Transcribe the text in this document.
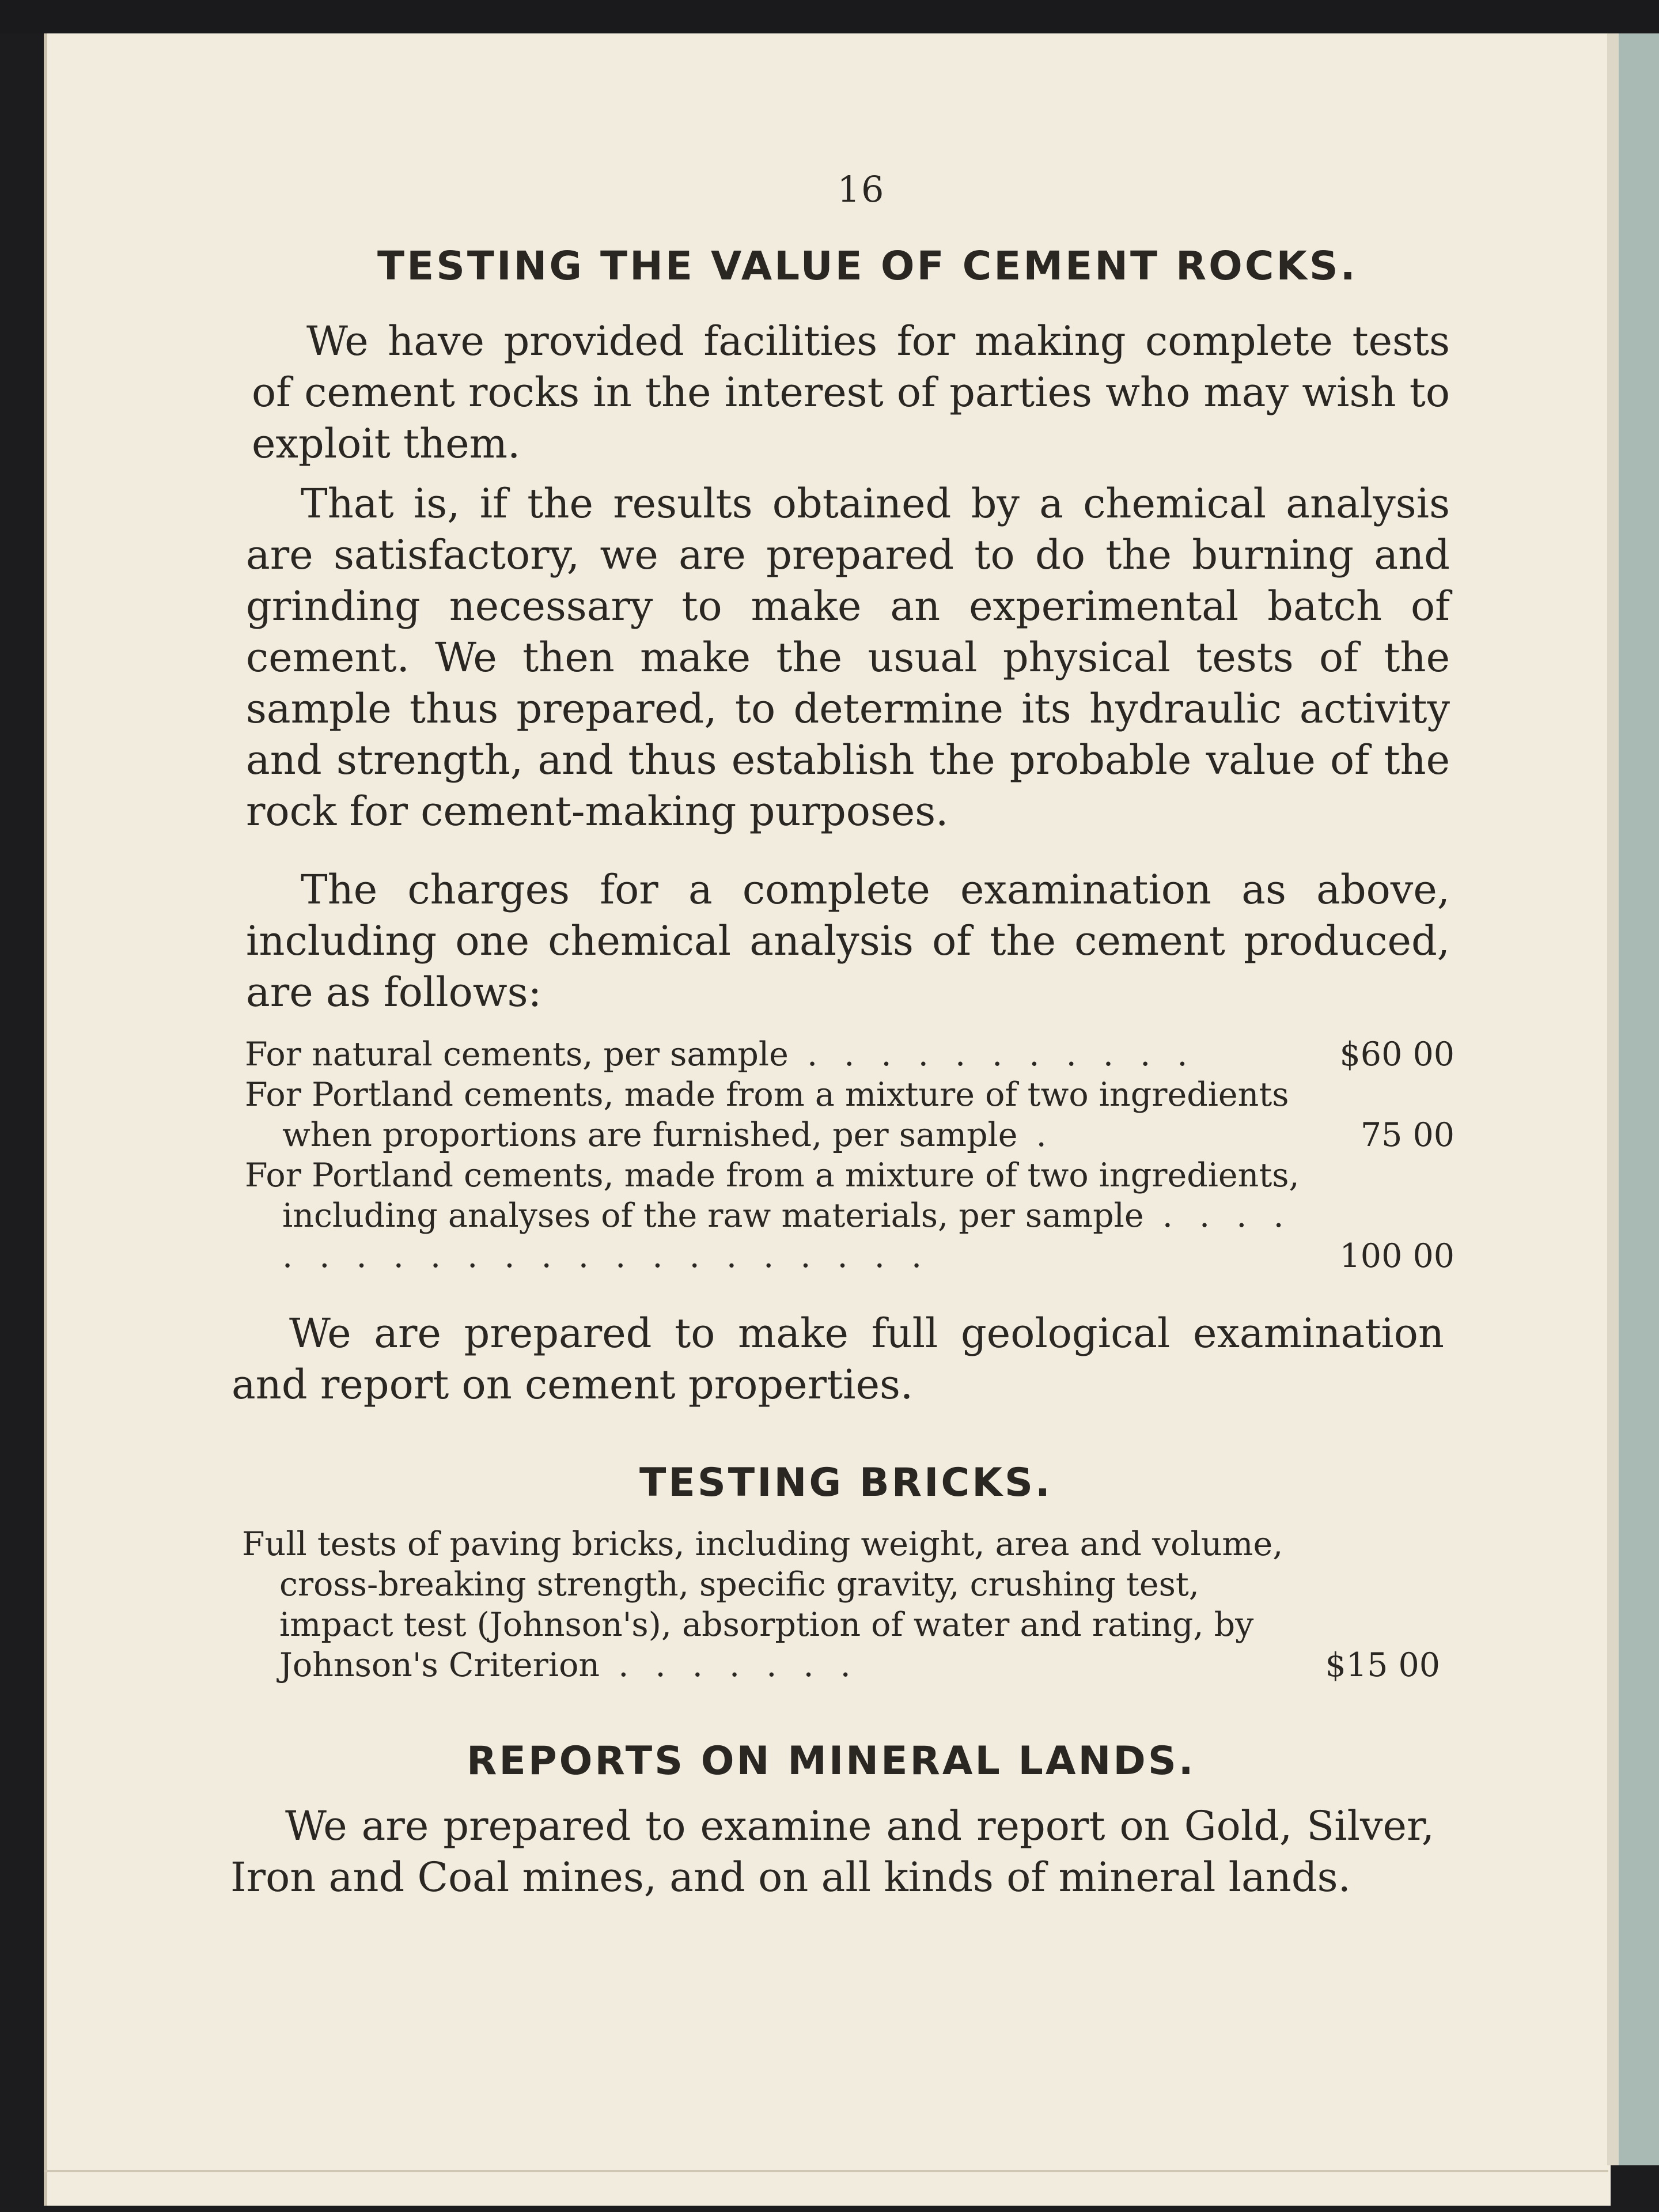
16
TESTING THE VALUE OF CEMENT ROCKS.
We have provided facilities for making complete tests of cement rocks in the interest of parties who may wish to exploit them.
That is, if the results obtained by a chemical analysis are satisfactory, we are prepared to do the burning and grinding necessary to make an experimental batch of cement. We then make the usual physical tests of the sample thus prepared, to determine its hydraulic activity and strength, and thus establish the probable value of the rock for cement-making purposes.
The charges for a complete examination as above, including one chemical analysis of the cement produced, are as follows:
For natural cements, per sample . . . . . . . . . . .	$60 00
For Portland cements, made from a mixture of two ingredients when proportions are furnished, per sample .	75 00
For Portland cements, made from a mixture of two ingredients, including analyses of the raw materials, per sample . . . . . . . . . . . . . . . . . . . . . .	100 00
We are prepared to make full geological examination and report on cement properties.
TESTING BRICKS.
Full tests of paving bricks, including weight, area and volume, cross-breaking strength, specific gravity, crushing test, impact test (Johnson's), absorption of water and rating, by Johnson's Criterion . . . . . . .	$15 00
REPORTS ON MINERAL LANDS.
We are prepared to examine and report on Gold, Silver, Iron and Coal mines, and on all kinds of mineral lands.
